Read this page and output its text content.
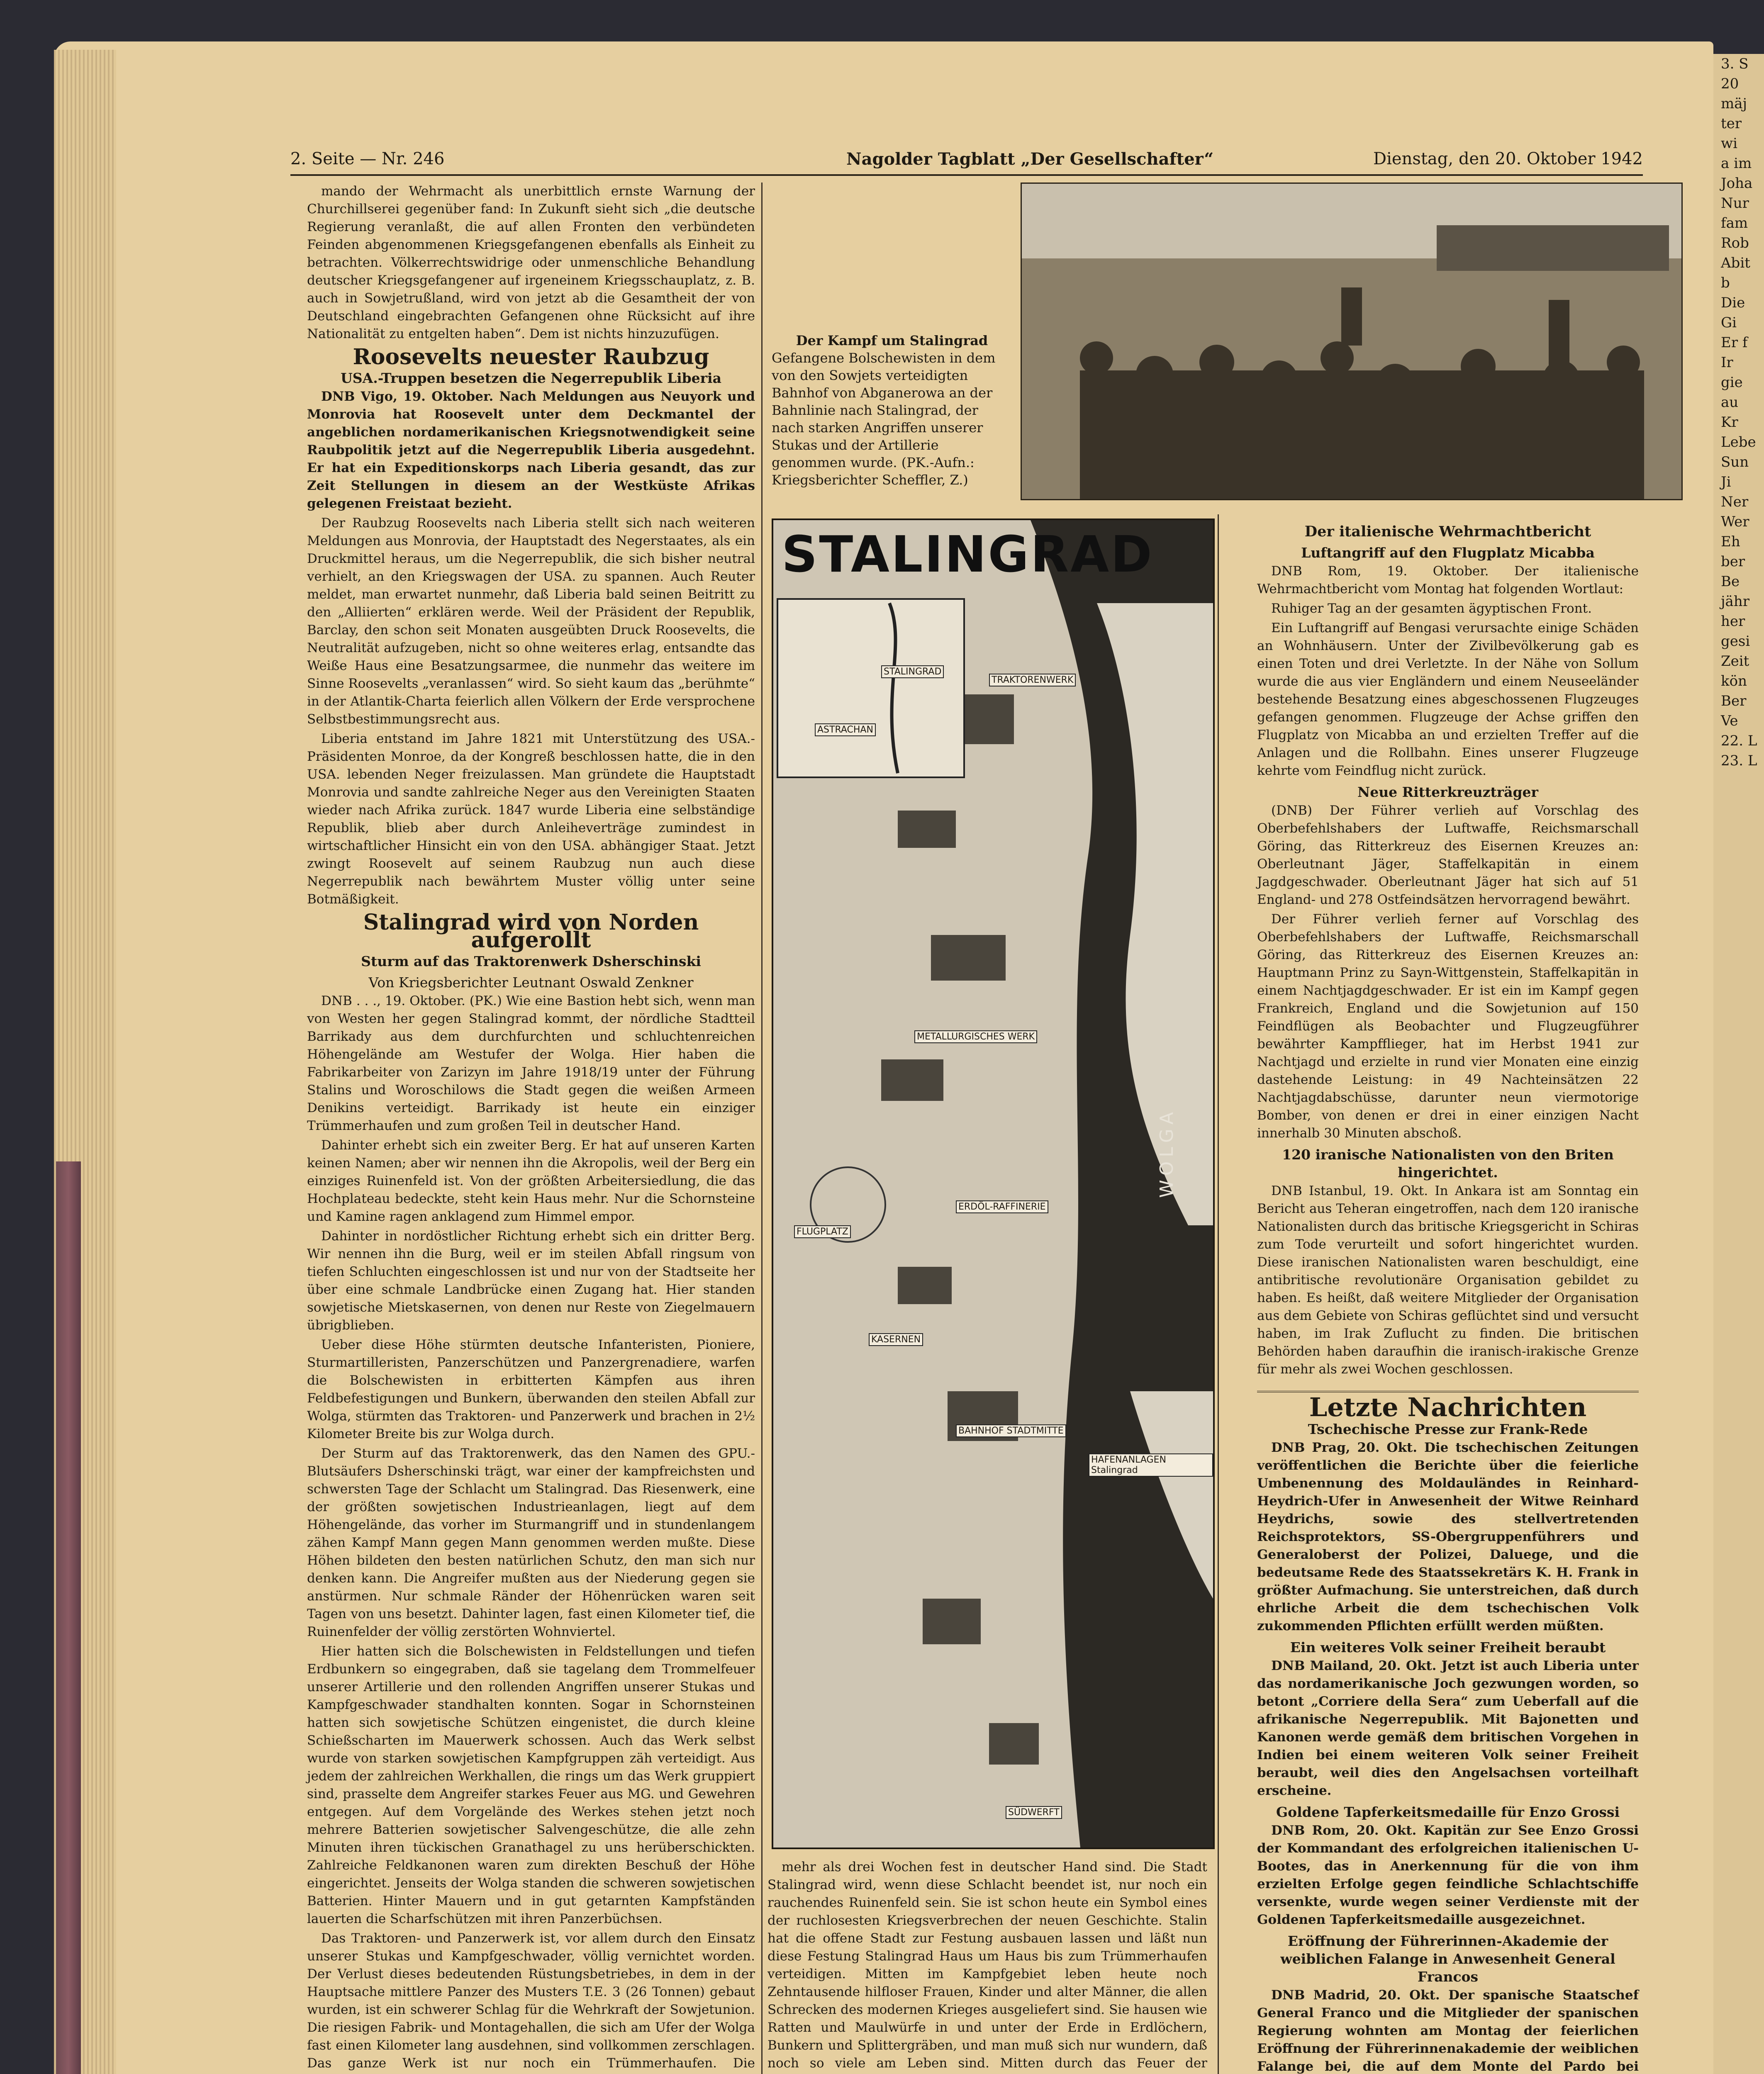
3. S
20
mäj
ter
wi
a im
Joha
Nur
fam
Rob
Abit
b
Die
Gi
Er f
Ir
gie
au
Kr
Lebe
Sun
Ji
Ner
Wer
Eh
ber
Be
jähr
her
gesi
Zeit
kön
Ber
Ve
22. L
23. L
2. Seite — Nr. 246	Nagolder Tagblatt „Der Gesellschafter“	Dienstag, den 20. Oktober 1942

mando der Wehrmacht als unerbittlich ernste Warnung der Churchillserei gegenüber fand: In Zukunft sieht sich „die deutsche Regierung veranlaßt, die auf allen Fronten den verbündeten Feinden abgenommenen Kriegsgefangenen ebenfalls als Einheit zu betrachten. Völkerrechtswidrige oder unmenschliche Behandlung deutscher Kriegsgefangener auf irgeneinem Kriegsschauplatz, z. B. auch in Sowjetrußland, wird von jetzt ab die Gesamtheit der von Deutschland eingebrachten Gefangenen ohne Rücksicht auf ihre Nationalität zu entgelten haben“. Dem ist nichts hinzuzufügen.

Roosevelts neuester Raubzug
USA.-Truppen besetzen die Negerrepublik Liberia

DNB Vigo, 19. Oktober. Nach Meldungen aus Neuyork und Monrovia hat Roosevelt unter dem Deckmantel der angeblichen nordamerikanischen Kriegsnotwendigkeit seine Raubpolitik jetzt auf die Negerrepublik Liberia ausgedehnt. Er hat ein Expeditionskorps nach Liberia gesandt, das zur Zeit Stellungen in diesem an der Westküste Afrikas gelegenen Freistaat bezieht.

Der Raubzug Roosevelts nach Liberia stellt sich nach weiteren Meldungen aus Monrovia, der Hauptstadt des Negerstaates, als ein Druckmittel heraus, um die Negerrepublik, die sich bisher neutral verhielt, an den Kriegswagen der USA. zu spannen. Auch Reuter meldet, man erwartet nunmehr, daß Liberia bald seinen Beitritt zu den „Alliierten“ erklären werde. Weil der Präsident der Republik, Barclay, den schon seit Monaten ausgeübten Druck Roosevelts, die Neutralität aufzugeben, nicht so ohne weiteres erlag, entsandte das Weiße Haus eine Besatzungsarmee, die nunmehr das weitere im Sinne Roosevelts „veranlassen“ wird. So sieht kaum das „berühmte“ in der Atlantik-Charta feierlich allen Völkern der Erde versprochene Selbstbestimmungsrecht aus.

Liberia entstand im Jahre 1821 mit Unterstützung des USA.-Präsidenten Monroe, da der Kongreß beschlossen hatte, die in den USA. lebenden Neger freizulassen. Man gründete die Hauptstadt Monrovia und sandte zahlreiche Neger aus den Vereinigten Staaten wieder nach Afrika zurück. 1847 wurde Liberia eine selbständige Republik, blieb aber durch Anleiheverträge zumindest in wirtschaftlicher Hinsicht ein von den USA. abhängiger Staat. Jetzt zwingt Roosevelt auf seinem Raubzug nun auch diese Negerrepublik nach bewährtem Muster völlig unter seine Botmäßigkeit.

Stalingrad wird von Norden aufgerollt
Sturm auf das Traktorenwerk Dsherschinski
Von Kriegsberichter Leutnant Oswald Zenkner

DNB . . ., 19. Oktober. (PK.) Wie eine Bastion hebt sich, wenn man von Westen her gegen Stalingrad kommt, der nördliche Stadtteil Barrikady aus dem durchfurchten und schluchtenreichen Höhengelände am Westufer der Wolga. Hier haben die Fabrikarbeiter von Zarizyn im Jahre 1918/19 unter der Führung Stalins und Woroschilows die Stadt gegen die weißen Armeen Denikins verteidigt. Barrikady ist heute ein einziger Trümmerhaufen und zum großen Teil in deutscher Hand.

Dahinter erhebt sich ein zweiter Berg. Er hat auf unseren Karten keinen Namen; aber wir nennen ihn die Akropolis, weil der Berg ein einziges Ruinenfeld ist. Von der größten Arbeitersiedlung, die das Hochplateau bedeckte, steht kein Haus mehr. Nur die Schornsteine und Kamine ragen anklagend zum Himmel empor.

Dahinter in nordöstlicher Richtung erhebt sich ein dritter Berg. Wir nennen ihn die Burg, weil er im steilen Abfall ringsum von tiefen Schluchten eingeschlossen ist und nur von der Stadtseite her über eine schmale Landbrücke einen Zugang hat. Hier standen sowjetische Mietskasernen, von denen nur Reste von Ziegelmauern übrigblieben.

Ueber diese Höhe stürmten deutsche Infanteristen, Pioniere, Sturmartilleristen, Panzerschützen und Panzergrenadiere, warfen die Bolschewisten in erbitterten Kämpfen aus ihren Feldbefestigungen und Bunkern, überwanden den steilen Abfall zur Wolga, stürmten das Traktoren- und Panzerwerk und brachen in 2½ Kilometer Breite bis zur Wolga durch.

Der Sturm auf das Traktorenwerk, das den Namen des GPU.-Blutsäufers Dsherschinski trägt, war einer der kampfreichsten und schwersten Tage der Schlacht um Stalingrad. Das Riesenwerk, eine der größten sowjetischen Industrieanlagen, liegt auf dem Höhengelände, das vorher im Sturmangriff und in stundenlangem zähen Kampf Mann gegen Mann genommen werden mußte. Diese Höhen bildeten den besten natürlichen Schutz, den man sich nur denken kann. Die Angreifer mußten aus der Niederung gegen sie anstürmen. Nur schmale Ränder der Höhenrücken waren seit Tagen von uns besetzt. Dahinter lagen, fast einen Kilometer tief, die Ruinenfelder der völlig zerstörten Wohnviertel.

Hier hatten sich die Bolschewisten in Feldstellungen und tiefen Erdbunkern so eingegraben, daß sie tagelang dem Trommelfeuer unserer Artillerie und den rollenden Angriffen unserer Stukas und Kampfgeschwader standhalten konnten. Sogar in Schornsteinen hatten sich sowjetische Schützen eingenistet, die durch kleine Schießscharten im Mauerwerk schossen. Auch das Werk selbst wurde von starken sowjetischen Kampfgruppen zäh verteidigt. Aus jedem der zahlreichen Werkhallen, die rings um das Werk gruppiert sind, prasselte dem Angreifer starkes Feuer aus MG. und Gewehren entgegen. Auf dem Vorgelände des Werkes stehen jetzt noch mehrere Batterien sowjetischer Salvengeschütze, die alle zehn Minuten ihren tückischen Granathagel zu uns herüberschickten. Zahlreiche Feldkanonen waren zum direkten Beschuß der Höhe eingerichtet. Jenseits der Wolga standen die schweren sowjetischen Batterien. Hinter Mauern und in gut getarnten Kampfständen lauerten die Scharfschützen mit ihren Panzerbüchsen.

Das Traktoren- und Panzerwerk ist, vor allem durch den Einsatz unserer Stukas und Kampfgeschwader, völlig vernichtet worden. Der Verlust dieses bedeutenden Rüstungsbetriebes, in dem in der Hauptsache mittlere Panzer des Musters T.E. 3 (26 Tonnen) gebaut wurden, ist ein schwerer Schlag für die Wehrkraft der Sowjetunion. Die riesigen Fabrik- und Montagehallen, die sich am Ufer der Wolga fast einen Kilometer lang ausdehnen, sind vollkommen zerschlagen. Das ganze Werk ist nur noch ein Trümmerhaufen. Die

Der Kampf um Stalingrad
Gefangene Bolschewisten in dem von den Sowjets verteidigten Bahnhof von Abganerowa an der Bahnlinie nach Stalingrad, der nach starken Angriffen unserer Stukas und der Artillerie genommen wurde. (PK.-Aufn.: Kriegsberichter Scheffler, Z.)
STALINGRAD
WOLGA
STALINGRAD
ASTRACHAN
TRAKTORENWERK
METALLURGISCHES WERK
FLUGPLATZ
KASERNEN
BAHNHOF STADTMITTE
HAFENANLAGEN Stalingrad
ERDÖL-RAFFINERIE
SÜDWERFT

mehr als drei Wochen fest in deutscher Hand sind. Die Stadt Stalingrad wird, wenn diese Schlacht beendet ist, nur noch ein rauchendes Ruinenfeld sein. Sie ist schon heute ein Symbol eines der ruchlosesten Kriegsverbrechen der neuen Geschichte. Stalin hat die offene Stadt zur Festung ausbauen lassen und läßt nun diese Festung Stalingrad Haus um Haus bis zum Trümmerhaufen verteidigen. Mitten im Kampfgebiet leben heute noch Zehntausende hilfloser Frauen, Kinder und alter Männer, die allen Schrecken des modernen Krieges ausgeliefert sind. Sie hausen wie Ratten und Maulwürfe in und unter der Erde in Erdlöchern, Bunkern und Splittergräben, und man muß sich nur wundern, daß noch so viele am Leben sind. Mitten durch das Feuer der

Der italienische Wehrmachtbericht
Luftangriff auf den Flugplatz Micabba

DNB Rom, 19. Oktober. Der italienische Wehrmachtbericht vom Montag hat folgenden Wortlaut:

Ruhiger Tag an der gesamten ägyptischen Front.

Ein Luftangriff auf Bengasi verursachte einige Schäden an Wohnhäusern. Unter der Zivilbevölkerung gab es einen Toten und drei Verletzte. In der Nähe von Sollum wurde die aus vier Engländern und einem Neuseeländer bestehende Besatzung eines abgeschossenen Flugzeuges gefangen genommen. Flugzeuge der Achse griffen den Flugplatz von Micabba an und erzielten Treffer auf die Anlagen und die Rollbahn. Eines unserer Flugzeuge kehrte vom Feindflug nicht zurück.

Neue Ritterkreuzträger

(DNB) Der Führer verlieh auf Vorschlag des Oberbefehlshabers der Luftwaffe, Reichsmarschall Göring, das Ritterkreuz des Eisernen Kreuzes an: Oberleutnant Jäger, Staffelkapitän in einem Jagdgeschwader. Oberleutnant Jäger hat sich auf 51 England- und 278 Ostfeindsätzen hervorragend bewährt.

Der Führer verlieh ferner auf Vorschlag des Oberbefehlshabers der Luftwaffe, Reichsmarschall Göring, das Ritterkreuz des Eisernen Kreuzes an: Hauptmann Prinz zu Sayn-Wittgenstein, Staffelkapitän in einem Nachtjagdgeschwader. Er ist ein im Kampf gegen Frankreich, England und die Sowjetunion auf 150 Feindflügen als Beobachter und Flugzeugführer bewährter Kampfflieger, hat im Herbst 1941 zur Nachtjagd und erzielte in rund vier Monaten eine einzig dastehende Leistung: in 49 Nachteinsätzen 22 Nachtjagdabschüsse, darunter neun viermotorige Bomber, von denen er drei in einer einzigen Nacht innerhalb 30 Minuten abschoß.

120 iranische Nationalisten von den Briten hingerichtet.

DNB Istanbul, 19. Okt. In Ankara ist am Sonntag ein Bericht aus Teheran eingetroffen, nach dem 120 iranische Nationalisten durch das britische Kriegsgericht in Schiras zum Tode verurteilt und sofort hingerichtet wurden. Diese iranischen Nationalisten waren beschuldigt, eine antibritische revolutionäre Organisation gebildet zu haben. Es heißt, daß weitere Mitglieder der Organisation aus dem Gebiete von Schiras geflüchtet sind und versucht haben, im Irak Zuflucht zu finden. Die britischen Behörden haben daraufhin die iranisch-irakische Grenze für mehr als zwei Wochen geschlossen.

Letzte Nachrichten
Tschechische Presse zur Frank-Rede

DNB Prag, 20. Okt. Die tschechischen Zeitungen veröffentlichen die Berichte über die feierliche Umbenennung des Moldauländes in Reinhard-Heydrich-Ufer in Anwesenheit der Witwe Reinhard Heydrichs, sowie des stellvertretenden Reichsprotektors, SS-Obergruppenführers und Generaloberst der Polizei, Daluege, und die bedeutsame Rede des Staatssekretärs K. H. Frank in größter Aufmachung. Sie unterstreichen, daß durch ehrliche Arbeit die dem tschechischen Volk zukommenden Pflichten erfüllt werden müßten.

Ein weiteres Volk seiner Freiheit beraubt

DNB Mailand, 20. Okt. Jetzt ist auch Liberia unter das nordamerikanische Joch gezwungen worden, so betont „Corriere della Sera“ zum Ueberfall auf die afrikanische Negerrepublik. Mit Bajonetten und Kanonen werde gemäß dem britischen Vorgehen in Indien bei einem weiteren Volk seiner Freiheit beraubt, weil dies den Angelsachsen vorteilhaft erscheine.

Goldene Tapferkeitsmedaille für Enzo Grossi

DNB Rom, 20. Okt. Kapitän zur See Enzo Grossi der Kommandant des erfolgreichen italienischen U-Bootes, das in Anerkennung für die von ihm erzielten Erfolge gegen feindliche Schlachtschiffe versenkte, wurde wegen seiner Verdienste mit der Goldenen Tapferkeitsmedaille ausgezeichnet.

Eröffnung der Führerinnen-Akademie der weiblichen Falange in Anwesenheit General Francos

DNB Madrid, 20. Okt. Der spanische Staatschef General Franco und die Mitglieder der spanischen Regierung wohnten am Montag der feierlichen Eröffnung der Führerinnenakademie der weiblichen Falange bei, die auf dem Monte del Pardo bei
